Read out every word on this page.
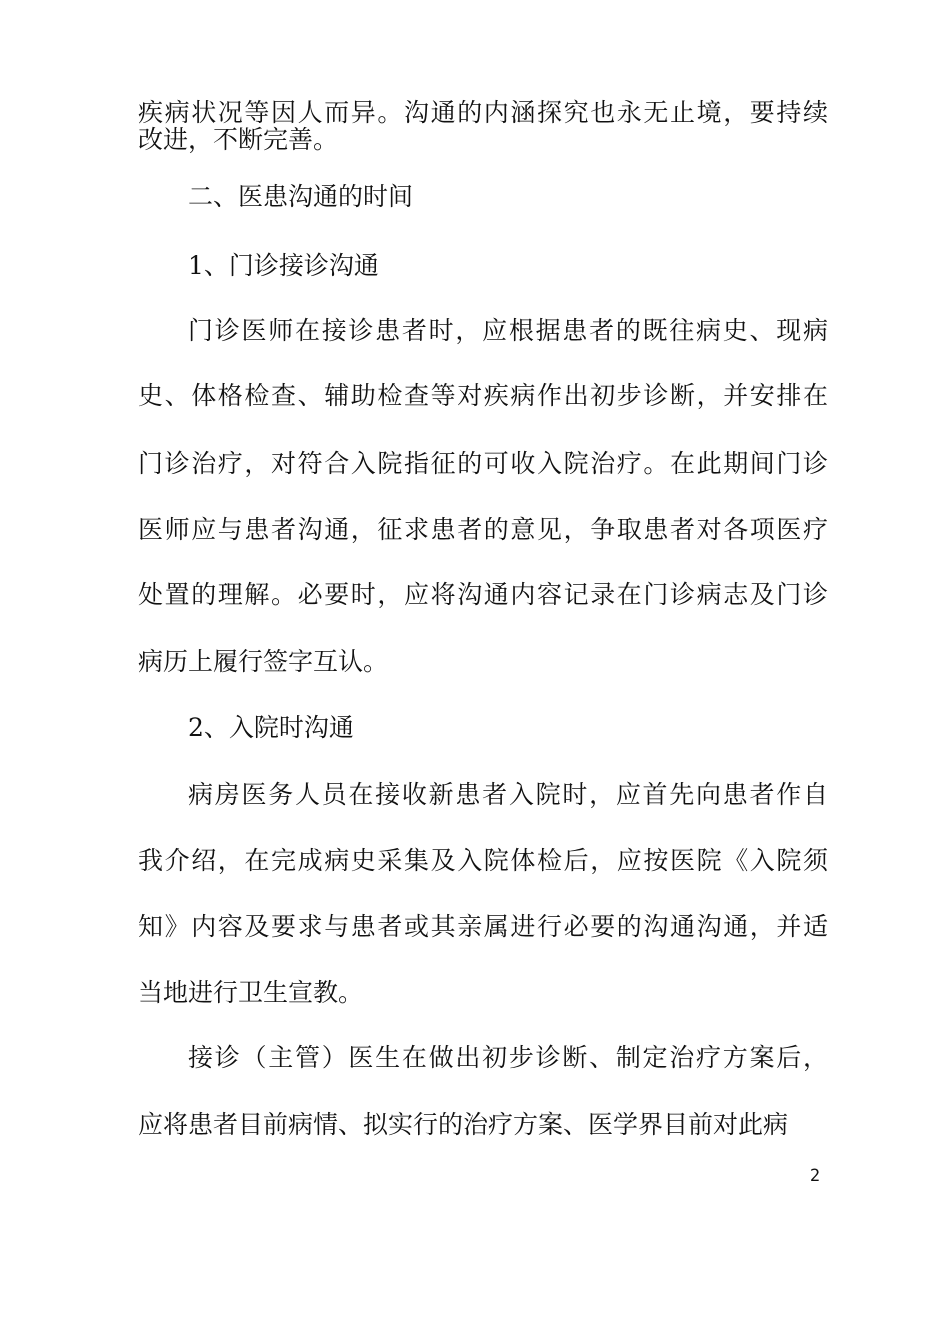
疾病状况等因人而异。沟通的内涵探究也永无止境，要持续
改进，不断完善。
二、医患沟通的时间
1、门诊接诊沟通
门诊医师在接诊患者时，应根据患者的既往病史、现病
史、体格检查、辅助检查等对疾病作出初步诊断，并安排在
门诊治疗，对符合入院指征的可收入院治疗。在此期间门诊
医师应与患者沟通，征求患者的意见，争取患者对各项医疗
处置的理解。必要时，应将沟通内容记录在门诊病志及门诊
病历上履行签字互认。
2、入院时沟通
病房医务人员在接收新患者入院时，应首先向患者作自
我介绍，在完成病史采集及入院体检后，应按医院《入院须
知》内容及要求与患者或其亲属进行必要的沟通沟通，并适
当地进行卫生宣教。
接诊（主管）医生在做出初步诊断、制定治疗方案后，
应将患者目前病情、拟实行的治疗方案、医学界目前对此病
2
